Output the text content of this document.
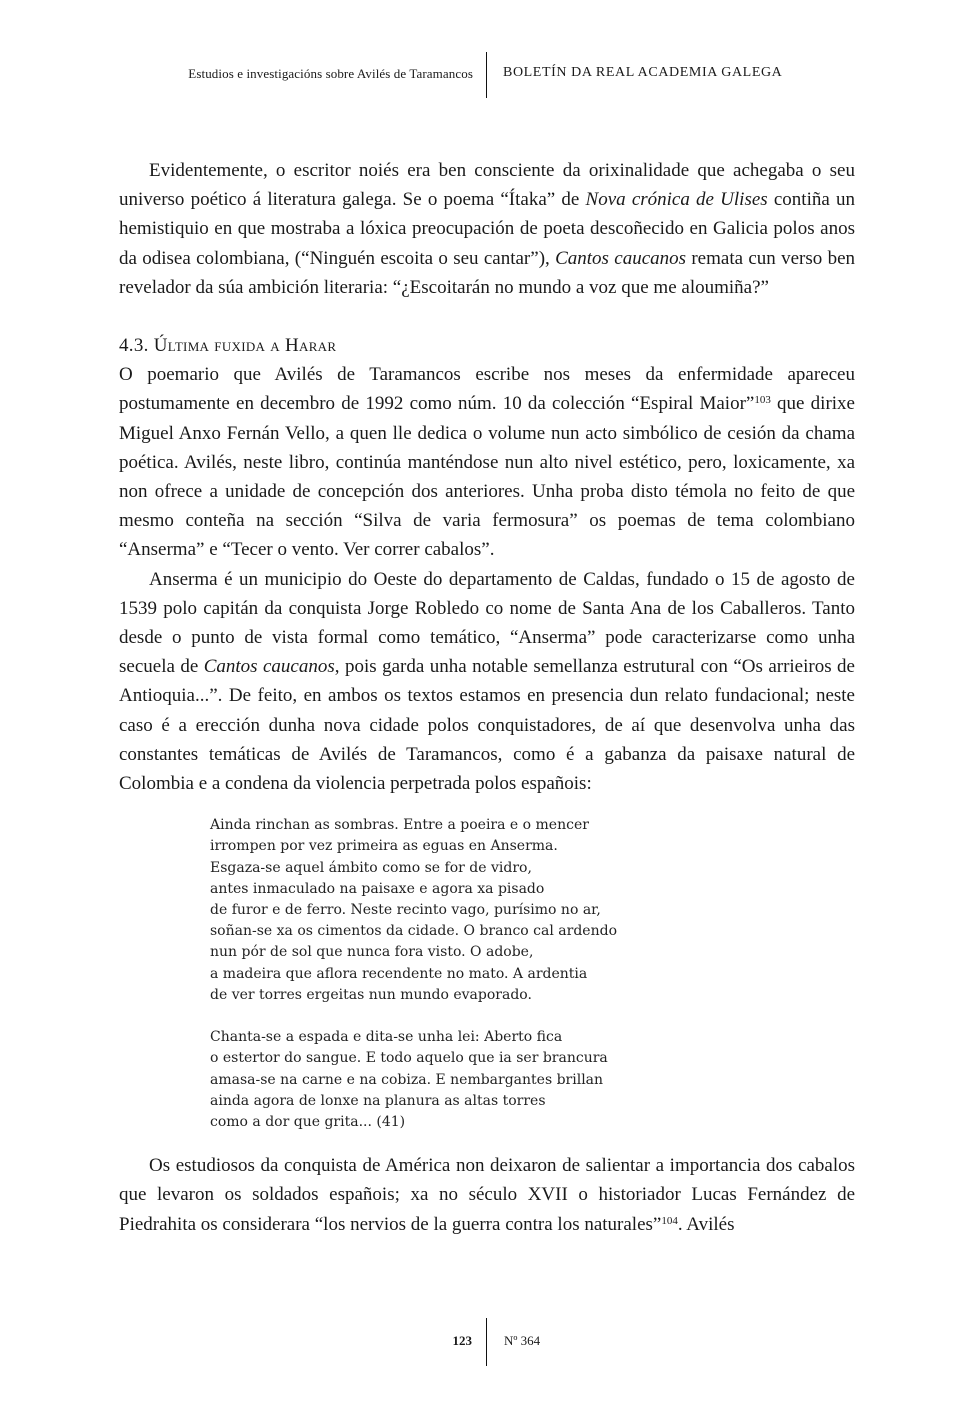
Estudios e investigacións sobre Avilés de Taramancos BOLETÍN DA REAL ACADEMIA GALEGA

Evidentemente, o escritor noiés era ben consciente da orixinalidade que achegaba o seu universo poético á literatura galega. Se o poema “Ítaka” de Nova crónica de Ulises contiña un hemistiquio en que mostraba a lóxica preocupación de poeta descoñecido en Galicia polos anos da odisea colombiana, (“Ninguén escoita o seu cantar”), Cantos caucanos remata cun verso ben revelador da súa ambición literaria: “¿Escoitarán no mundo a voz que me aloumiña?”

4.3. Última fuxida a Harar

O poemario que Avilés de Taramancos escribe nos meses da enfermidade apareceu postumamente en decembro de 1992 como núm. 10 da colección “Espiral Maior”$^{103}$ que dirixe Miguel Anxo Fernán Vello, a quen lle dedica o volume nun acto simbólico de cesión da chama poética. Avilés, neste libro, continúa manténdose nun alto nivel estético, pero, loxicamente, xa non ofrece a unidade de concepción dos anteriores. Unha proba disto témola no feito de que mesmo conteña na sección “Silva de varia fermosura” os poemas de tema colombiano “Anserma” e “Tecer o vento. Ver correr cabalos”.

Anserma é un municipio do Oeste do departamento de Caldas, fundado o 15 de agosto de 1539 polo capitán da conquista Jorge Robledo co nome de Santa Ana de los Caballeros. Tanto desde o punto de vista formal como temático, “Anserma” pode caracterizarse como unha secuela de Cantos caucanos, pois garda unha notable semellanza estrutural con “Os arrieiros de Antioquia...”. De feito, en ambos os textos estamos en presencia dun relato fundacional; neste caso é a erección dunha nova cidade polos conquistadores, de aí que desenvolva unha das constantes temáticas de Avilés de Taramancos, como é a gabanza da paisaxe natural de Colombia e a condena da violencia perpetrada polos españois:

Ainda rinchan as sombras. Entre a poeira e o mencer
irrompen por vez primeira as eguas en Anserma.
Esgaza-se aquel ámbito como se for de vidro,
antes inmaculado na paisaxe e agora xa pisado
de furor e de ferro. Neste recinto vago, purísimo no ar,
soñan-se xa os cimentos da cidade. O branco cal ardendo
nun pór de sol que nunca fora visto. O adobe,
a madeira que aflora recendente no mato. A ardentia
de ver torres ergeitas nun mundo evaporado.
Chanta-se a espada e dita-se unha lei: Aberto fica
o estertor do sangue. E todo aquelo que ia ser brancura
amasa-se na carne e na cobiza. E nembargantes brillan
ainda agora de lonxe na planura as altas torres
como a dor que grita... (41)

Os estudiosos da conquista de América non deixaron de salientar a importancia dos cabalos que levaron os soldados españois; xa no século XVII o historiador Lucas Fernández de Piedrahita os considerara “los nervios de la guerra contra los naturales”$^{104}$. Avilés

123 Nº 364
